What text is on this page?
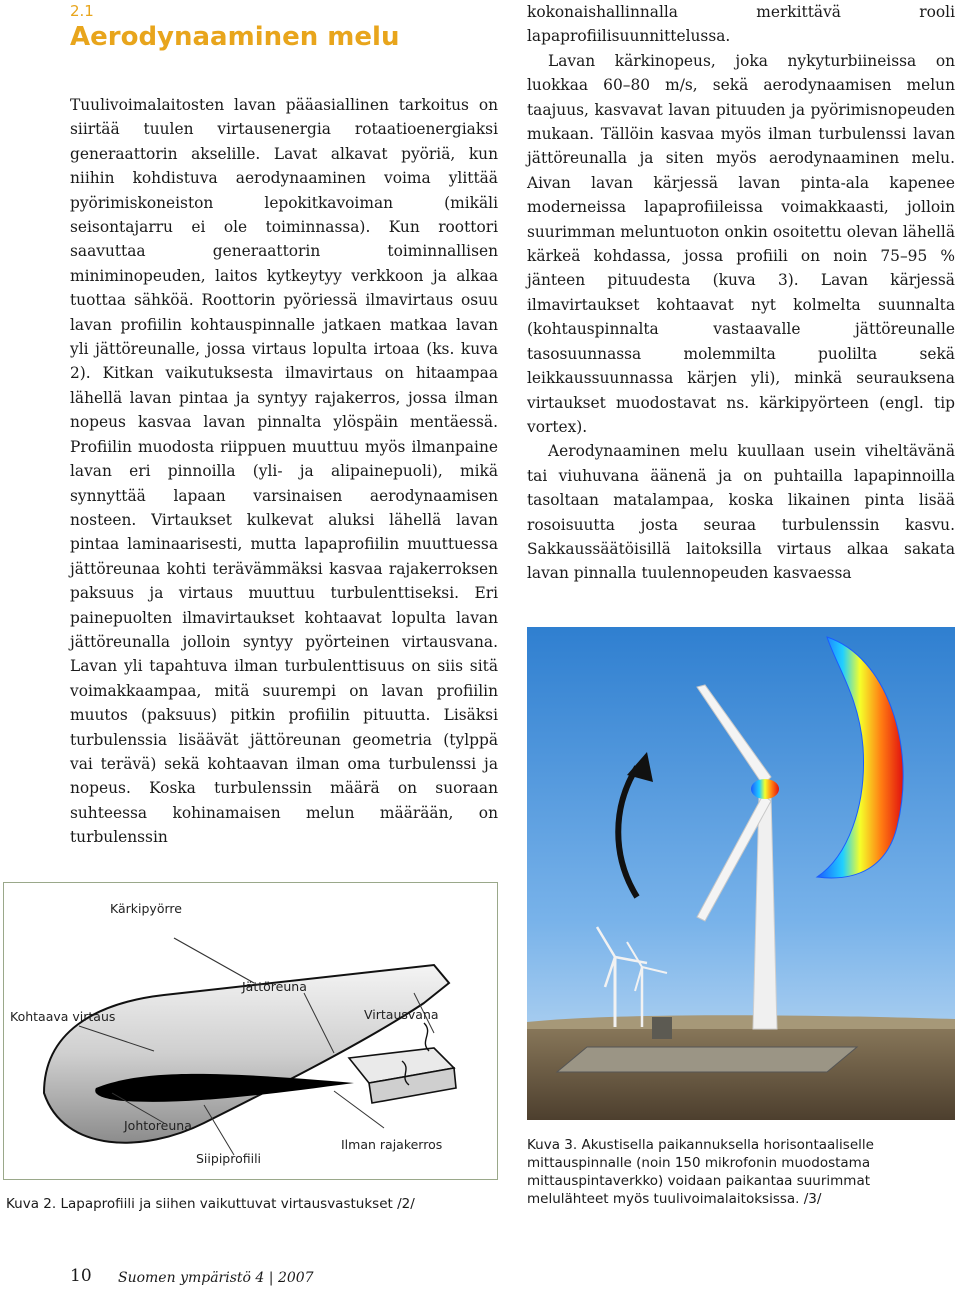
2.1
Aerodynaaminen melu

Tuulivoimalaitosten lavan pääasiallinen tarkoitus on siirtää tuulen virtausenergia rotaatioenergiaksi generaattorin akselille. Lavat alkavat pyöriä, kun niihin kohdistuva aerodynaaminen voima ylittää pyörimiskoneiston lepokitkavoiman (mikäli seisontajarru ei ole toiminnassa). Kun roottori saavuttaa generaattorin toiminnallisen miniminopeuden, laitos kytkeytyy verkkoon ja alkaa tuottaa sähköä. Roottorin pyöriessä ilmavirtaus osuu lavan profiilin kohtauspinnalle jatkaen matkaa lavan yli jättöreunalle, jossa virtaus lopulta irtoaa (ks. kuva 2). Kitkan vaikutuksesta ilmavirtaus on hitaampaa lähellä lavan pintaa ja syntyy rajakerros, jossa ilman nopeus kasvaa lavan pinnalta ylöspäin mentäessä. Profiilin muodosta riippuen muuttuu myös ilmanpaine lavan eri pinnoilla (yli- ja alipainepuoli), mikä synnyttää lapaan varsinaisen aerodynaamisen nosteen. Virtaukset kulkevat aluksi lähellä lavan pintaa laminaarisesti, mutta lapaprofiilin muuttuessa jättöreunaa kohti terävämmäksi kasvaa rajakerroksen paksuus ja virtaus muuttuu turbulenttiseksi. Eri painepuolten ilmavirtaukset kohtaavat lopulta lavan jättöreunalla jolloin syntyy pyörteinen virtausvana. Lavan yli tapahtuva ilman turbulenttisuus on siis sitä voimakkaampaa, mitä suurempi on lavan profiilin muutos (paksuus) pitkin profiilin pituutta. Lisäksi turbulenssia lisäävät jättöreunan geometria (tylppä vai terävä) sekä kohtaavan ilman oma turbulenssi ja nopeus. Koska turbulenssin määrä on suoraan suhteessa kohinamaisen melun määrään, on turbulenssin

kokonaishallinnalla merkittävä rooli lapaprofiilisuunnittelussa.

Lavan kärkinopeus, joka nykyturbiineissa on luokkaa 60–80 m/s, sekä aerodynaamisen melun taajuus, kasvavat lavan pituuden ja pyörimisnopeuden mukaan. Tällöin kasvaa myös ilman turbulenssi lavan jättöreunalla ja siten myös aerodynaaminen melu. Aivan lavan kärjessä lavan pinta-ala kapenee moderneissa lapaprofiileissa voimakkaasti, jolloin suurimman meluntuoton onkin osoitettu olevan lähellä kärkeä kohdassa, jossa profiili on noin 75–95 % jänteen pituudesta (kuva 3). Lavan kärjessä ilmavirtaukset kohtaavat nyt kolmelta suunnalta (kohtauspinnalta vastaavalle jättöreunalle tasosuunnassa molemmilta puolilta sekä leikkaussuunnassa kärjen yli), minkä seurauksena virtaukset muodostavat ns. kärkipyörteen (engl. tip vortex).

Aerodynaaminen melu kuullaan usein viheltävänä tai viuhuvana äänenä ja on puhtailla lapapinnoilla tasoltaan matalampaa, koska likainen pinta lisää rosoisuutta josta seuraa turbulenssin kasvu. Sakkaussäätöisillä laitoksilla virtaus alkaa sakata lavan pinnalla tuulennopeuden kasvaessa

Kärkipyörre
Jättöreuna
Kohtaava virtaus	Virtausvana
Johtoreuna
Ilman rajakerros
Siipiprofiili
Kuva 2. Lapaprofiili ja siihen vaikuttuvat virtausvastukset /2/
Kuva 3. Akustisella paikannuksella horisontaaliselle mittauspinnalle (noin 150 mikrofonin muodostama mittauspintaverkko) voidaan paikantaa suurimmat melulähteet myös tuulivoimalaitoksissa. /3/
10 Suomen ympäristö 4 | 2007
